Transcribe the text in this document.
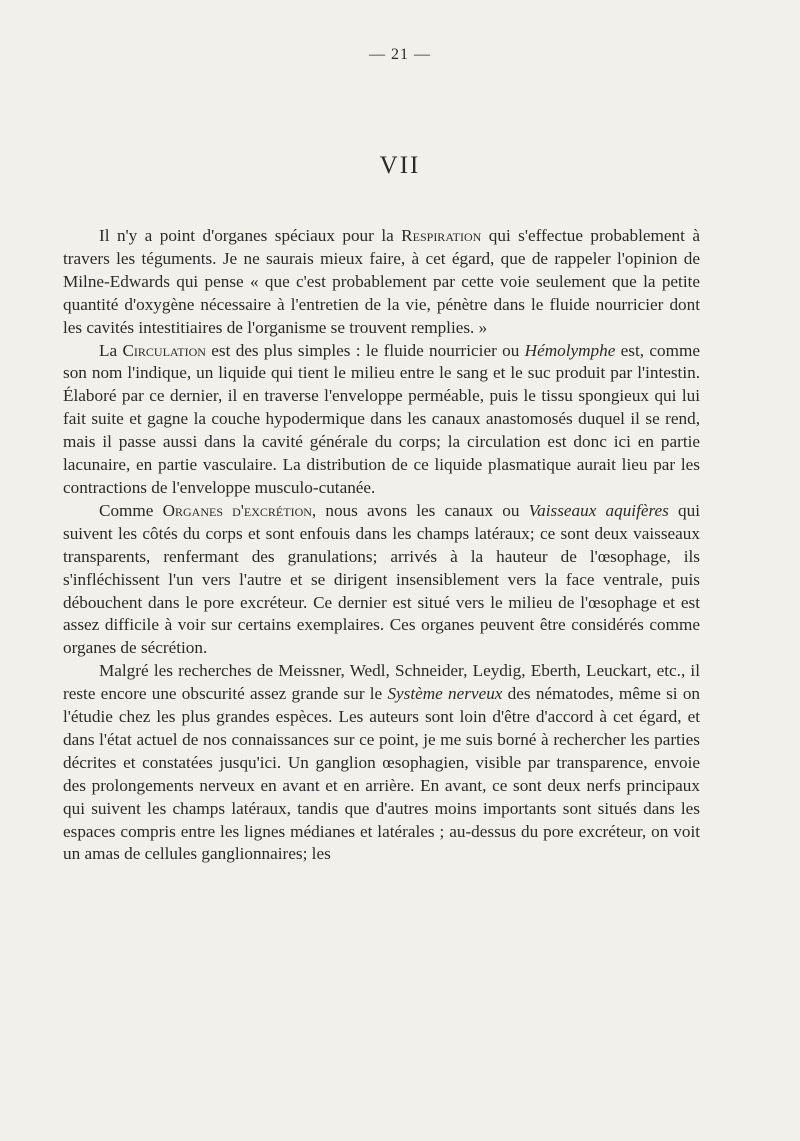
— 21 —
VII

Il n'y a point d'organes spéciaux pour la Respiration qui s'effectue probablement à travers les téguments. Je ne saurais mieux faire, à cet égard, que de rappeler l'opinion de Milne-Edwards qui pense « que c'est probablement par cette voie seulement que la petite quantité d'oxygène nécessaire à l'entretien de la vie, pénètre dans le fluide nourricier dont les cavités intestitiaires de l'organisme se trouvent remplies. »

La Circulation est des plus simples : le fluide nourricier ou Hémolymphe est, comme son nom l'indique, un liquide qui tient le milieu entre le sang et le suc produit par l'intestin. Élaboré par ce dernier, il en traverse l'enveloppe perméable, puis le tissu spongieux qui lui fait suite et gagne la couche hypodermique dans les canaux anastomosés duquel il se rend, mais il passe aussi dans la cavité générale du corps; la circulation est donc ici en partie lacunaire, en partie vasculaire. La distribution de ce liquide plasmatique aurait lieu par les contractions de l'enveloppe musculo-cutanée.

Comme Organes d'excrétion, nous avons les canaux ou Vaisseaux aquifères qui suivent les côtés du corps et sont enfouis dans les champs latéraux; ce sont deux vaisseaux transparents, renfermant des granulations; arrivés à la hauteur de l'œsophage, ils s'infléchissent l'un vers l'autre et se dirigent insensiblement vers la face ventrale, puis débouchent dans le pore excréteur. Ce dernier est situé vers le milieu de l'œsophage et est assez difficile à voir sur certains exemplaires. Ces organes peuvent être considérés comme organes de sécrétion.

Malgré les recherches de Meissner, Wedl, Schneider, Leydig, Eberth, Leuckart, etc., il reste encore une obscurité assez grande sur le Système nerveux des nématodes, même si on l'étudie chez les plus grandes espèces. Les auteurs sont loin d'être d'accord à cet égard, et dans l'état actuel de nos connaissances sur ce point, je me suis borné à rechercher les parties décrites et constatées jusqu'ici. Un ganglion œsophagien, visible par transparence, envoie des prolongements nerveux en avant et en arrière. En avant, ce sont deux nerfs principaux qui suivent les champs latéraux, tandis que d'autres moins importants sont situés dans les espaces compris entre les lignes médianes et latérales ; au-dessus du pore excréteur, on voit un amas de cellules ganglionnaires; les
